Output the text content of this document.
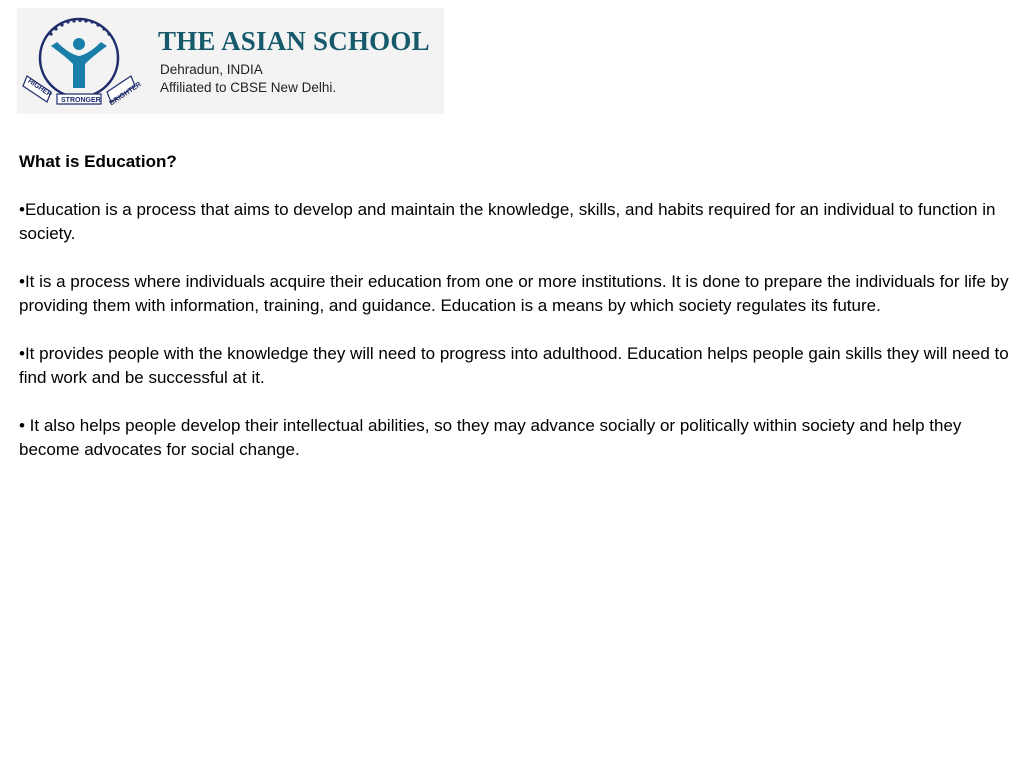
HIGHER
STRONGER BRIGHTER
THE ASIAN SCHOOL
Dehradun, INDIA
Affiliated to CBSE New Delhi.
What is Education?
•Education is a process that aims to develop and maintain the knowledge, skills, and habits required for an individual to function in society.
•It is a process where individuals acquire their education from one or more institutions. It is done to prepare the individuals for life by providing them with information, training, and guidance. Education is a means by which society regulates its future.
•It provides people with the knowledge they will need to progress into adulthood. Education helps people gain skills they will need to find work and be successful at it.
• It also helps people develop their intellectual abilities, so they may advance socially or politically within society and help they become advocates for social change.
